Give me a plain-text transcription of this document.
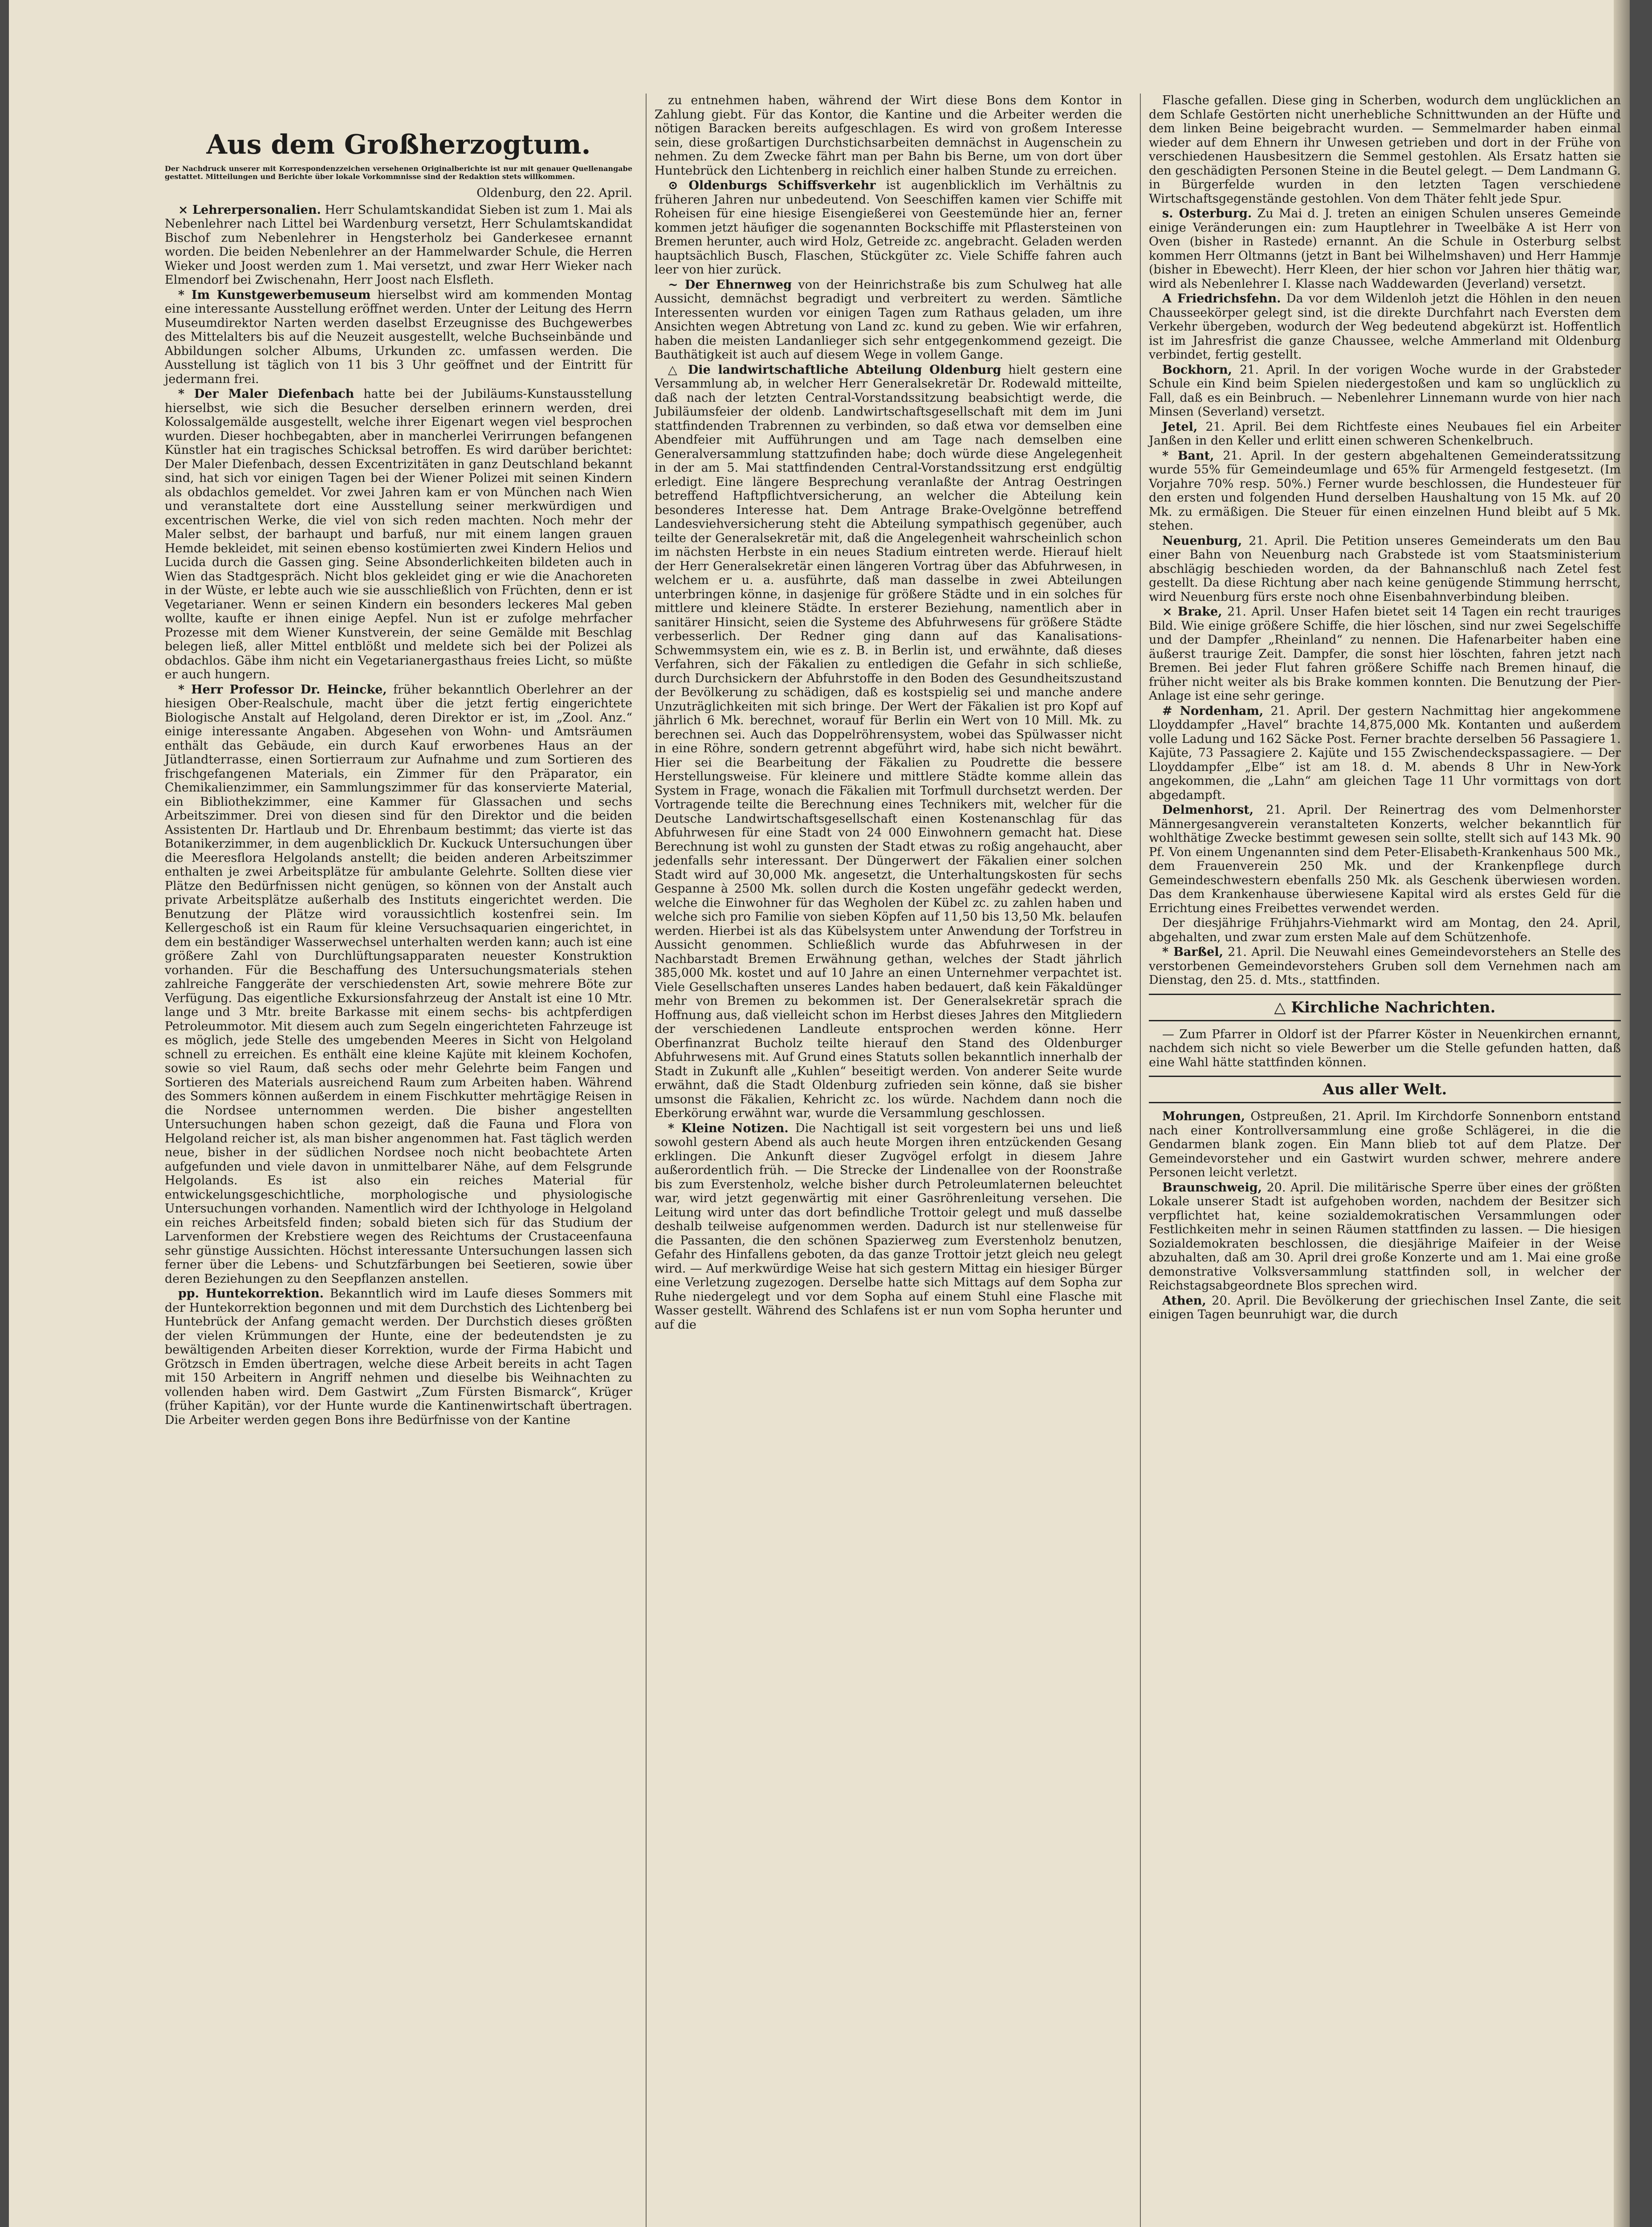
Aus dem Großherzogtum.

Der Nachdruck unserer mit Korrespondenzzeichen versehenen Originalberichte ist nur mit genauer Quellenangabe gestattet. Mitteilungen und Berichte über lokale Vorkommnisse sind der Redaktion stets willkommen.

Oldenburg, den 22. April.

× Lehrerpersonalien. Herr Schulamtskandidat Sieben ist zum 1. Mai als Nebenlehrer nach Littel bei Wardenburg versetzt, Herr Schulamtskandidat Bischof zum Nebenlehrer in Hengsterholz bei Ganderkesee ernannt worden. Die beiden Nebenlehrer an der Hammelwarder Schule, die Herren Wieker und Joost werden zum 1. Mai versetzt, und zwar Herr Wieker nach Elmendorf bei Zwischenahn, Herr Joost nach Elsfleth.

* Im Kunstgewerbemuseum hierselbst wird am kommenden Montag eine interessante Ausstellung eröffnet werden. Unter der Leitung des Herrn Museumdirektor Narten werden daselbst Erzeugnisse des Buchgewerbes des Mittelalters bis auf die Neuzeit ausgestellt, welche Buchseinbände und Abbildungen solcher Albums, Urkunden zc. umfassen werden. Die Ausstellung ist täglich von 11 bis 3 Uhr geöffnet und der Eintritt für jedermann frei.

* Der Maler Diefenbach hatte bei der Jubiläums-Kunstausstellung hierselbst, wie sich die Besucher derselben erinnern werden, drei Kolossalgemälde ausgestellt, welche ihrer Eigenart wegen viel besprochen wurden. Dieser hochbegabten, aber in mancherlei Verirrungen befangenen Künstler hat ein tragisches Schicksal betroffen. Es wird darüber berichtet: Der Maler Diefenbach, dessen Excentrizitäten in ganz Deutschland bekannt sind, hat sich vor einigen Tagen bei der Wiener Polizei mit seinen Kindern als obdachlos gemeldet. Vor zwei Jahren kam er von München nach Wien und veranstaltete dort eine Ausstellung seiner merkwürdigen und excentrischen Werke, die viel von sich reden machten. Noch mehr der Maler selbst, der barhaupt und barfuß, nur mit einem langen grauen Hemde bekleidet, mit seinen ebenso kostümierten zwei Kindern Helios und Lucida durch die Gassen ging. Seine Absonderlichkeiten bildeten auch in Wien das Stadtgespräch. Nicht blos gekleidet ging er wie die Anachoreten in der Wüste, er lebte auch wie sie ausschließlich von Früchten, denn er ist Vegetarianer. Wenn er seinen Kindern ein besonders leckeres Mal geben wollte, kaufte er ihnen einige Aepfel. Nun ist er zufolge mehrfacher Prozesse mit dem Wiener Kunstverein, der seine Gemälde mit Beschlag belegen ließ, aller Mittel entblößt und meldete sich bei der Polizei als obdachlos. Gäbe ihm nicht ein Vegetarianergasthaus freies Licht, so müßte er auch hungern.

* Herr Professor Dr. Heincke, früher bekanntlich Oberlehrer an der hiesigen Ober-Realschule, macht über die jetzt fertig eingerichtete Biologische Anstalt auf Helgoland, deren Direktor er ist, im „Zool. Anz.“ einige interessante Angaben. Abgesehen von Wohn- und Amtsräumen enthält das Gebäude, ein durch Kauf erworbenes Haus an der Jütlandterrasse, einen Sortierraum zur Aufnahme und zum Sortieren des frischgefangenen Materials, ein Zimmer für den Präparator, ein Chemikalienzimmer, ein Sammlungszimmer für das konservierte Material, ein Bibliothekzimmer, eine Kammer für Glassachen und sechs Arbeitszimmer. Drei von diesen sind für den Direktor und die beiden Assistenten Dr. Hartlaub und Dr. Ehrenbaum bestimmt; das vierte ist das Botanikerzimmer, in dem augenblicklich Dr. Kuckuck Untersuchungen über die Meeresflora Helgolands anstellt; die beiden anderen Arbeitszimmer enthalten je zwei Arbeitsplätze für ambulante Gelehrte. Sollten diese vier Plätze den Bedürfnissen nicht genügen, so können von der Anstalt auch private Arbeitsplätze außerhalb des Instituts eingerichtet werden. Die Benutzung der Plätze wird voraussichtlich kostenfrei sein. Im Kellergeschoß ist ein Raum für kleine Versuchsaquarien eingerichtet, in dem ein beständiger Wasserwechsel unterhalten werden kann; auch ist eine größere Zahl von Durchlüftungsapparaten neuester Konstruktion vorhanden. Für die Beschaffung des Untersuchungsmaterials stehen zahlreiche Fanggeräte der verschiedensten Art, sowie mehrere Böte zur Verfügung. Das eigentliche Exkursionsfahrzeug der Anstalt ist eine 10 Mtr. lange und 3 Mtr. breite Barkasse mit einem sechs- bis achtpferdigen Petroleummotor. Mit diesem auch zum Segeln eingerichteten Fahrzeuge ist es möglich, jede Stelle des umgebenden Meeres in Sicht von Helgoland schnell zu erreichen. Es enthält eine kleine Kajüte mit kleinem Kochofen, sowie so viel Raum, daß sechs oder mehr Gelehrte beim Fangen und Sortieren des Materials ausreichend Raum zum Arbeiten haben. Während des Sommers können außerdem in einem Fischkutter mehrtägige Reisen in die Nordsee unternommen werden. Die bisher angestellten Untersuchungen haben schon gezeigt, daß die Fauna und Flora von Helgoland reicher ist, als man bisher angenommen hat. Fast täglich werden neue, bisher in der südlichen Nordsee noch nicht beobachtete Arten aufgefunden und viele davon in unmittelbarer Nähe, auf dem Felsgrunde Helgolands. Es ist also ein reiches Material für entwickelungsgeschichtliche, morphologische und physiologische Untersuchungen vorhanden. Namentlich wird der Ichthyologe in Helgoland ein reiches Arbeitsfeld finden; sobald bieten sich für das Studium der Larvenformen der Krebstiere wegen des Reichtums der Crustaceenfauna sehr günstige Aussichten. Höchst interessante Untersuchungen lassen sich ferner über die Lebens- und Schutzfärbungen bei Seetieren, sowie über deren Beziehungen zu den Seepflanzen anstellen.

pp. Huntekorrektion. Bekanntlich wird im Laufe dieses Sommers mit der Huntekorrektion begonnen und mit dem Durchstich des Lichtenberg bei Huntebrück der Anfang gemacht werden. Der Durchstich dieses größten der vielen Krümmungen der Hunte, eine der bedeutendsten je zu bewältigenden Arbeiten dieser Korrektion, wurde der Firma Habicht und Grötzsch in Emden übertragen, welche diese Arbeit bereits in acht Tagen mit 150 Arbeitern in Angriff nehmen und dieselbe bis Weihnachten zu vollenden haben wird. Dem Gastwirt „Zum Fürsten Bismarck“, Krüger (früher Kapitän), vor der Hunte wurde die Kantinenwirtschaft übertragen. Die Arbeiter werden gegen Bons ihre Bedürfnisse von der Kantine

zu entnehmen haben, während der Wirt diese Bons dem Kontor in Zahlung giebt. Für das Kontor, die Kantine und die Arbeiter werden die nötigen Baracken bereits aufgeschlagen. Es wird von großem Interesse sein, diese großartigen Durchstichsarbeiten demnächst in Augenschein zu nehmen. Zu dem Zwecke fährt man per Bahn bis Berne, um von dort über Huntebrück den Lichtenberg in reichlich einer halben Stunde zu erreichen.

⊙ Oldenburgs Schiffsverkehr ist augenblicklich im Verhältnis zu früheren Jahren nur unbedeutend. Von Seeschiffen kamen vier Schiffe mit Roheisen für eine hiesige Eisengießerei von Geestemünde hier an, ferner kommen jetzt häufiger die sogenannten Bockschiffe mit Pflastersteinen von Bremen herunter, auch wird Holz, Getreide zc. angebracht. Geladen werden hauptsächlich Busch, Flaschen, Stückgüter zc. Viele Schiffe fahren auch leer von hier zurück.

~ Der Ehnernweg von der Heinrichstraße bis zum Schulweg hat alle Aussicht, demnächst begradigt und verbreitert zu werden. Sämtliche Interessenten wurden vor einigen Tagen zum Rathaus geladen, um ihre Ansichten wegen Abtretung von Land zc. kund zu geben. Wie wir erfahren, haben die meisten Landanlieger sich sehr entgegenkommend gezeigt. Die Bauthätigkeit ist auch auf diesem Wege in vollem Gange.

△ Die landwirtschaftliche Abteilung Oldenburg hielt gestern eine Versammlung ab, in welcher Herr Generalsekretär Dr. Rodewald mitteilte, daß nach der letzten Central-Vorstandssitzung beabsichtigt werde, die Jubiläumsfeier der oldenb. Landwirtschaftsgesellschaft mit dem im Juni stattfindenden Trabrennen zu verbinden, so daß etwa vor demselben eine Abendfeier mit Aufführungen und am Tage nach demselben eine Generalversammlung stattzufinden habe; doch würde diese Angelegenheit in der am 5. Mai stattfindenden Central-Vorstandssitzung erst endgültig erledigt. Eine längere Besprechung veranlaßte der Antrag Oestringen betreffend Haftpflichtversicherung, an welcher die Abteilung kein besonderes Interesse hat. Dem Antrage Brake-Ovelgönne betreffend Landesviehversicherung steht die Abteilung sympathisch gegenüber, auch teilte der Generalsekretär mit, daß die Angelegenheit wahrscheinlich schon im nächsten Herbste in ein neues Stadium eintreten werde. Hierauf hielt der Herr Generalsekretär einen längeren Vortrag über das Abfuhrwesen, in welchem er u. a. ausführte, daß man dasselbe in zwei Abteilungen unterbringen könne, in dasjenige für größere Städte und in ein solches für mittlere und kleinere Städte. In ersterer Beziehung, namentlich aber in sanitärer Hinsicht, seien die Systeme des Abfuhrwesens für größere Städte verbesserlich. Der Redner ging dann auf das Kanalisations-Schwemmsystem ein, wie es z. B. in Berlin ist, und erwähnte, daß dieses Verfahren, sich der Fäkalien zu entledigen die Gefahr in sich schließe, durch Durchsickern der Abfuhrstoffe in den Boden des Gesundheitszustand der Bevölkerung zu schädigen, daß es kostspielig sei und manche andere Unzuträglichkeiten mit sich bringe. Der Wert der Fäkalien ist pro Kopf auf jährlich 6 Mk. berechnet, worauf für Berlin ein Wert von 10 Mill. Mk. zu berechnen sei. Auch das Doppelröhrensystem, wobei das Spülwasser nicht in eine Röhre, sondern getrennt abgeführt wird, habe sich nicht bewährt. Hier sei die Bearbeitung der Fäkalien zu Poudrette die bessere Herstellungsweise. Für kleinere und mittlere Städte komme allein das System in Frage, wonach die Fäkalien mit Torfmull durchsetzt werden. Der Vortragende teilte die Berechnung eines Technikers mit, welcher für die Deutsche Landwirtschaftsgesellschaft einen Kostenanschlag für das Abfuhrwesen für eine Stadt von 24 000 Einwohnern gemacht hat. Diese Berechnung ist wohl zu gunsten der Stadt etwas zu roßig angehaucht, aber jedenfalls sehr interessant. Der Düngerwert der Fäkalien einer solchen Stadt wird auf 30,000 Mk. angesetzt, die Unterhaltungskosten für sechs Gespanne à 2500 Mk. sollen durch die Kosten ungefähr gedeckt werden, welche die Einwohner für das Wegholen der Kübel zc. zu zahlen haben und welche sich pro Familie von sieben Köpfen auf 11,50 bis 13,50 Mk. belaufen werden. Hierbei ist als das Kübelsystem unter Anwendung der Torfstreu in Aussicht genommen. Schließlich wurde das Abfuhrwesen in der Nachbarstadt Bremen Erwähnung gethan, welches der Stadt jährlich 385,000 Mk. kostet und auf 10 Jahre an einen Unternehmer verpachtet ist. Viele Gesellschaften unseres Landes haben bedauert, daß kein Fäkaldünger mehr von Bremen zu bekommen ist. Der Generalsekretär sprach die Hoffnung aus, daß vielleicht schon im Herbst dieses Jahres den Mitgliedern der verschiedenen Landleute entsprochen werden könne. Herr Oberfinanzrat Bucholz teilte hierauf den Stand des Oldenburger Abfuhrwesens mit. Auf Grund eines Statuts sollen bekanntlich innerhalb der Stadt in Zukunft alle „Kuhlen“ beseitigt werden. Von anderer Seite wurde erwähnt, daß die Stadt Oldenburg zufrieden sein könne, daß sie bisher umsonst die Fäkalien, Kehricht zc. los würde. Nachdem dann noch die Eberkörung erwähnt war, wurde die Versammlung geschlossen.

* Kleine Notizen. Die Nachtigall ist seit vorgestern bei uns und ließ sowohl gestern Abend als auch heute Morgen ihren entzückenden Gesang erklingen. Die Ankunft dieser Zugvögel erfolgt in diesem Jahre außerordentlich früh. — Die Strecke der Lindenallee von der Roonstraße bis zum Everstenholz, welche bisher durch Petroleumlaternen beleuchtet war, wird jetzt gegenwärtig mit einer Gasröhrenleitung versehen. Die Leitung wird unter das dort befindliche Trottoir gelegt und muß dasselbe deshalb teilweise aufgenommen werden. Dadurch ist nur stellenweise für die Passanten, die den schönen Spazierweg zum Everstenholz benutzen, Gefahr des Hinfallens geboten, da das ganze Trottoir jetzt gleich neu gelegt wird. — Auf merkwürdige Weise hat sich gestern Mittag ein hiesiger Bürger eine Verletzung zugezogen. Derselbe hatte sich Mittags auf dem Sopha zur Ruhe niedergelegt und vor dem Sopha auf einem Stuhl eine Flasche mit Wasser gestellt. Während des Schlafens ist er nun vom Sopha herunter und auf die

Flasche gefallen. Diese ging in Scherben, wodurch dem unglücklichen an dem Schlafe Gestörten nicht unerhebliche Schnittwunden an der Hüfte und dem linken Beine beigebracht wurden. — Semmelmarder haben einmal wieder auf dem Ehnern ihr Unwesen getrieben und dort in der Frühe von verschiedenen Hausbesitzern die Semmel gestohlen. Als Ersatz hatten sie den geschädigten Personen Steine in die Beutel gelegt. — Dem Landmann G. in Bürgerfelde wurden in den letzten Tagen verschiedene Wirtschaftsgegenstände gestohlen. Von dem Thäter fehlt jede Spur.

s. Osterburg. Zu Mai d. J. treten an einigen Schulen unseres Gemeinde einige Veränderungen ein: zum Hauptlehrer in Tweelbäke A ist Herr von Oven (bisher in Rastede) ernannt. An die Schule in Osterburg selbst kommen Herr Oltmanns (jetzt in Bant bei Wilhelmshaven) und Herr Hammje (bisher in Ebewecht). Herr Kleen, der hier schon vor Jahren hier thätig war, wird als Nebenlehrer I. Klasse nach Waddewarden (Jeverland) versetzt.

A Friedrichsfehn. Da vor dem Wildenloh jetzt die Höhlen in den neuen Chausseekörper gelegt sind, ist die direkte Durchfahrt nach Eversten dem Verkehr übergeben, wodurch der Weg bedeutend abgekürzt ist. Hoffentlich ist im Jahresfrist die ganze Chaussee, welche Ammerland mit Oldenburg verbindet, fertig gestellt.

Bockhorn, 21. April. In der vorigen Woche wurde in der Grabsteder Schule ein Kind beim Spielen niedergestoßen und kam so unglücklich zu Fall, daß es ein Beinbruch. — Nebenlehrer Linnemann wurde von hier nach Minsen (Severland) versetzt.

Jetel, 21. April. Bei dem Richtfeste eines Neubaues fiel ein Arbeiter Janßen in den Keller und erlitt einen schweren Schenkelbruch.

* Bant, 21. April. In der gestern abgehaltenen Gemeinderatssitzung wurde 55% für Gemeindeumlage und 65% für Armengeld festgesetzt. (Im Vorjahre 70% resp. 50%.) Ferner wurde beschlossen, die Hundesteuer für den ersten und folgenden Hund derselben Haushaltung von 15 Mk. auf 20 Mk. zu ermäßigen. Die Steuer für einen einzelnen Hund bleibt auf 5 Mk. stehen.

Neuenburg, 21. April. Die Petition unseres Gemeinderats um den Bau einer Bahn von Neuenburg nach Grabstede ist vom Staatsministerium abschlägig beschieden worden, da der Bahnanschluß nach Zetel fest gestellt. Da diese Richtung aber nach keine genügende Stimmung herrscht, wird Neuenburg fürs erste noch ohne Eisenbahnverbindung bleiben.

× Brake, 21. April. Unser Hafen bietet seit 14 Tagen ein recht trauriges Bild. Wie einige größere Schiffe, die hier löschen, sind nur zwei Segelschiffe und der Dampfer „Rheinland“ zu nennen. Die Hafenarbeiter haben eine äußerst traurige Zeit. Dampfer, die sonst hier löschten, fahren jetzt nach Bremen. Bei jeder Flut fahren größere Schiffe nach Bremen hinauf, die früher nicht weiter als bis Brake kommen konnten. Die Benutzung der Pier-Anlage ist eine sehr geringe.

# Nordenham, 21. April. Der gestern Nachmittag hier angekommene Lloyddampfer „Havel“ brachte 14,875,000 Mk. Kontanten und außerdem volle Ladung und 162 Säcke Post. Ferner brachte derselben 56 Passagiere 1. Kajüte, 73 Passagiere 2. Kajüte und 155 Zwischendeckspassagiere. — Der Lloyddampfer „Elbe“ ist am 18. d. M. abends 8 Uhr in New-York angekommen, die „Lahn“ am gleichen Tage 11 Uhr vormittags von dort abgedampft.

Delmenhorst, 21. April. Der Reinertrag des vom Delmenhorster Männergesangverein veranstalteten Konzerts, welcher bekanntlich für wohlthätige Zwecke bestimmt gewesen sein sollte, stellt sich auf 143 Mk. 90 Pf. Von einem Ungenannten sind dem Peter-Elisabeth-Krankenhaus 500 Mk., dem Frauenverein 250 Mk. und der Krankenpflege durch Gemeindeschwestern ebenfalls 250 Mk. als Geschenk überwiesen worden. Das dem Krankenhause überwiesene Kapital wird als erstes Geld für die Errichtung eines Freibettes verwendet werden.

Der diesjährige Frühjahrs-Viehmarkt wird am Montag, den 24. April, abgehalten, und zwar zum ersten Male auf dem Schützenhofe.

* Barßel, 21. April. Die Neuwahl eines Gemeindevorstehers an Stelle des verstorbenen Gemeindevorstehers Gruben soll dem Vernehmen nach am Dienstag, den 25. d. Mts., stattfinden.

△ Kirchliche Nachrichten.

— Zum Pfarrer in Oldorf ist der Pfarrer Köster in Neuenkirchen ernannt, nachdem sich nicht so viele Bewerber um die Stelle gefunden hatten, daß eine Wahl hätte stattfinden können.

Aus aller Welt.

Mohrungen, Ostpreußen, 21. April. Im Kirchdorfe Sonnenborn entstand nach einer Kontrollversammlung eine große Schlägerei, in die die Gendarmen blank zogen. Ein Mann blieb tot auf dem Platze. Der Gemeindevorsteher und ein Gastwirt wurden schwer, mehrere andere Personen leicht verletzt.

Braunschweig, 20. April. Die militärische Sperre über eines der größten Lokale unserer Stadt ist aufgehoben worden, nachdem der Besitzer sich verpflichtet hat, keine sozialdemokratischen Versammlungen oder Festlichkeiten mehr in seinen Räumen stattfinden zu lassen. — Die hiesigen Sozialdemokraten beschlossen, die diesjährige Maifeier in der Weise abzuhalten, daß am 30. April drei große Konzerte und am 1. Mai eine große demonstrative Volksversammlung stattfinden soll, in welcher der Reichstagsabgeordnete Blos sprechen wird.

Athen, 20. April. Die Bevölkerung der griechischen Insel Zante, die seit einigen Tagen beunruhigt war, die durch
